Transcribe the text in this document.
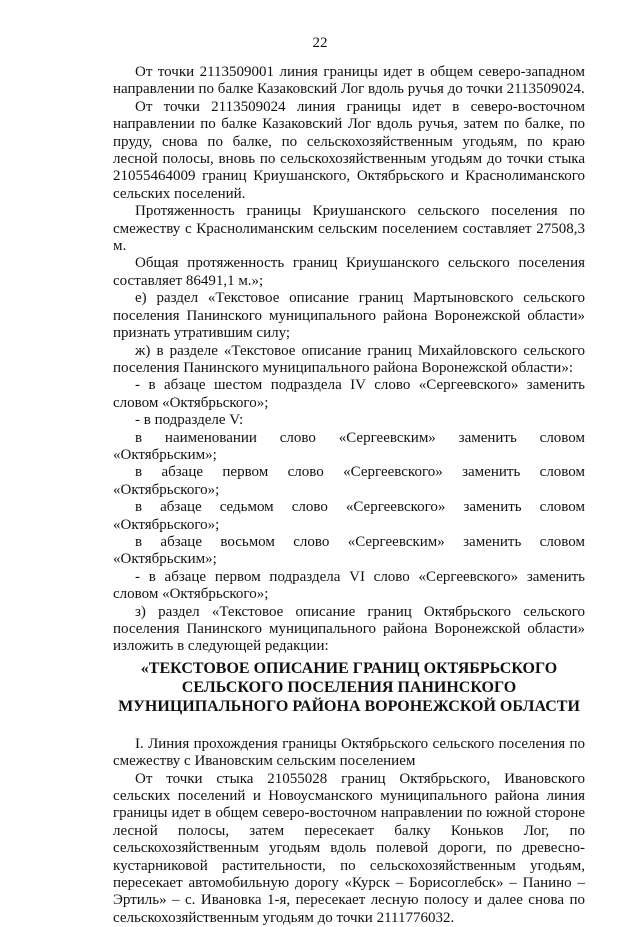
22

От точки 2113509001 линия границы идет в общем северо-западном направлении по балке Казаковский Лог вдоль ручья до точки 2113509024.

От точки 2113509024 линия границы идет в северо-восточном направлении по балке Казаковский Лог вдоль ручья, затем по балке, по пруду, снова по балке, по сельскохозяйственным угодьям, по краю лесной полосы, вновь по сельскохозяйственным угодьям до точки стыка 21055464009 границ Криушанского, Октябрьского и Краснолиманского сельских поселений.

Протяженность границы Криушанского сельского поселения по смежеству с Краснолиманским сельским поселением составляет 27508,3 м.

Общая протяженность границ Криушанского сельского поселения составляет 86491,1 м.»;

е) раздел «Текстовое описание границ Мартыновского сельского поселения Панинского муниципального района Воронежской области» признать утратившим силу;

ж) в разделе «Текстовое описание границ Михайловского сельского поселения Панинского муниципального района Воронежской области»:

- в абзаце шестом подраздела IV слово «Сергеевского» заменить словом «Октябрьского»;

- в подразделе V:

в наименовании слово «Сергеевским» заменить словом «Октябрьским»;

в абзаце первом слово «Сергеевского» заменить словом «Октябрьского»;

в абзаце седьмом слово «Сергеевского» заменить словом «Октябрьского»;

в абзаце восьмом слово «Сергеевским» заменить словом «Октябрьским»;

- в абзаце первом подраздела VI слово «Сергеевского» заменить словом «Октябрьского»;

з) раздел «Текстовое описание границ Октябрьского сельского поселения Панинского муниципального района Воронежской области» изложить в следующей редакции:

«ТЕКСТОВОЕ ОПИСАНИЕ ГРАНИЦ ОКТЯБРЬСКОГО СЕЛЬСКОГО ПОСЕЛЕНИЯ ПАНИНСКОГО МУНИЦИПАЛЬНОГО РАЙОНА ВОРОНЕЖСКОЙ ОБЛАСТИ

I. Линия прохождения границы Октябрьского сельского поселения по смежеству с Ивановским сельским поселением

От точки стыка 21055028 границ Октябрьского, Ивановского сельских поселений и Новоусманского муниципального района линия границы идет в общем северо-восточном направлении по южной стороне лесной полосы, затем пересекает балку Коньков Лог, по сельскохозяйственным угодьям вдоль полевой дороги, по древесно-кустарниковой растительности, по сельскохозяйственным угодьям, пересекает автомобильную дорогу «Курск – Борисоглебск» – Панино – Эртиль» – с. Ивановка 1-я, пересекает лесную полосу и далее снова по сельскохозяйственным угодьям до точки 2111776032.
